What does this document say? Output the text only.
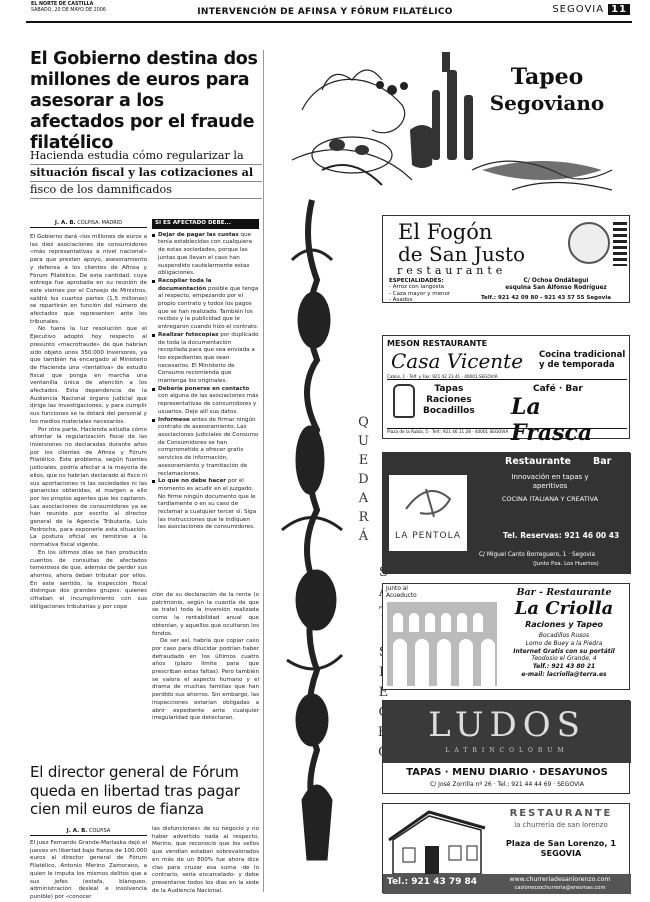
EL NORTE DE CASTILLA
SÁBADO, 20 DE MAYO DE 2006	INTERVENCIÓN DE AFINSA Y FÓRUM FILATÉLICO	SEGOVIA 11
El Gobierno destina dos millones de euros para asesorar a los afectados por el fraude filatélico
Hacienda estudia cómo regularizar la
situación fiscal y las cotizaciones al
fisco de los damnificados
J. A. B. COLPISA. MADRID

El Gobierno dará «los millones de euros a las diez asociaciones de consumidores «más representativas a nivel nacional» para que presten apoyo, asesoramiento y defensa a los clientes de Afinsa y Fórum Filatélico. De esta cantidad, cuya entrega fue aprobada en su reunión de este viernes por el Consejo de Ministros, saldrá los cuartos partes (1,5 millones) se repartirán en función del número de afectados que representen ante los tribunales.

No fuera la luz resolución que el Ejecutivo adoptó hoy respecto al presunto «macrofraude» de que habrían sido objeto unos 350.000 inversores, ya que también ha encargado al Ministerio de Hacienda una «tentativa» de estudio fiscal que ponga en marcha una ventanilla única de atención a los afectados. Esta dependencia de la Audiencia Nacional órgano judicial que dirige las investigaciones, y para cumplir sus funciones se la dotará del personal y los medios materiales necesarios.

Por otra parte, Hacienda estudia cómo afrontar la regularización fiscal de las inversiones no declaradas durante años por los clientes de Afinsa y Fórum Filatélico. Este problema, según fuentes judiciales, podría afectar a la mayoría de ellos, que no habrían declarado al fisco ni sus aportaciones ni las sociedades ni las ganancias obtenidas, al margen a ello por los propios agentes que les captaron. Las asociaciones de consumidores ya se han reunido por escrito al director general de la Agencia Tributaria, Luis Pedroche, para exponerle esta situación. La postura oficial es remitirse a la normativa fiscal vigente.

En los últimos días se han producido cuentos de consultas de afectados temerosos de que, además de perder sus ahorros, ahora deban tributar por ellos. En este sentido, la inspección fiscal distingue dos grandes grupos: quienes cifraban el incumplimiento con sus obligaciones tributarias y por cope

SI ES AFECTADO DEBE...
Dejar de pagar las cuotas que tenía establecidas con cualquiera de estas sociedades, porque las juntas que llevan el caso han suspendido cautelarmente estas obligaciones.
Recopilar toda la documentación posible que tenga al respecto, empezando por el propio contrato y todos los pagos que se han realizado. También los recibos y la publicidad que le entregaron cuando hizo el contrato.
Realizar fotocopias por duplicado de toda la documentación recopilada para que sea enviada a los expedientes que sean necesarios. El Ministerio de Consumo recomienda que mantenga los originales.
Debería ponerse en contacto con alguna de las asociaciones más representativas de consumidores y usuarios. Deje allí sus datos.
Informese antes de firmar ningún contrato de asesoramiento. Las asociaciones judiciales de Consumo de Consumidores se han comprometido a ofrecer gratis servicios de información, asesoramiento y tramitación de reclamaciones.
Lo que no debe hacer por el momento es acudir en el juzgado. No firme ningún documento que le tardíamente o en su caso de reclamar a cualquier tercer si. Siga las instrucciones que le indiquen las asociaciones de consumidores.

ción de su declaración de la renta (o patrimonio, según la cuantía de que se trate) toda la inversión realizada como la rentabilidad anual que obtenían, y aquellos que ocultaron los fondos.

De ser así, habría que copiar caso por caso para dilucidar podrían haber defraudado en los últimos cuatro años (plazo límite para que prescriban estas faltas). Pero también se valora el aspecto humano y el drama de muchas familias que han perdido sus ahorros. Sin embargo, las inspecciones estarían obligadas a abrir expediente ante cualquier irregularidad que detectaran.

El director general de Fórum queda en libertad tras pagar cien mil euros de fianza
J. A. B. COLPISA
El juez Fernando Grande-Marlaska dejó el jueves en libertad bajo fianza de 100.000 euros al director general de Fórum Filatélico, Antonio Merino Zamorano, a quien le imputa los mismos delitos que a sus jefes (estafa, blanqueo, administración desleal e insolvencia punible) por «conocer
las disfunciones» de su negocio y no haber advertido nada al respecto. Merino, que reconoció que los sellos que vendían estaban sobrevalorados en más de un 800% fue ahora dice clas para cruzar esa suma -de lo contrario, sería encarcelado- y debe presentarse todos los días en la sede de la Audiencia Nacional.
Tapeo
Segoviano
QUEDARÁ
El Fogón
de San Justo
restaurante
ESPECIALIDADES:
- Arroz con langosta
- Caza mayor y menor
- Asados
C/ Ochoa Ondátegui
esquina San Alfonso Rodríguez
Telf.: 921 42 09 80 - 921 43 57 55 Segovia
MESON RESTAURANTE
Casa Vicente Cocina tradicional
y de temporada
Cabos, 1 · Telf. y Fax: 921 42 23 41 · 40001 SEGOVIA
Tapas
Raciones
Bocadillos
Café · Bar
La Frasca
Plaza de la Rubia, 5 · Telf.: 921 46 11 28 · 40001 SEGOVIA
LA PENTOLA
Restaurante Bar
Innovación en tapas y
aperitivos
COCINA ITALIANA Y CREATIVA
Tel. Reservas: 921 46 00 43
C/ Miguel Canto Borreguero, 1 · Segovia
(Junto Pza. Los Huertos)
Junto al
Acueducto	Bar - Restaurante
La Criolla
Raciones y Tapeo
Bocadillos Rusos
Lomo de Buey a la Piedra
Internet Gratis con su portátil
Teodosio el Grande, 4
Telf.: 921 43 80 21
e-mail: lacriolla@terra.es
LUDOS
LATRINCOLORUM
TAPAS · MENU DIARIO · DESAYUNOS
C/ José Zorrilla nº 26 · Tel.: 921 44 44 69 · SEGOVIA
RESTAURANTE
la churrería de san lorenzo
Plaza de San Lorenzo, 1
SEGOVIA
Tel.: 921 43 79 84	www.churreriadesanlorenzo.com
casloreozochurreria@eresmas.com
